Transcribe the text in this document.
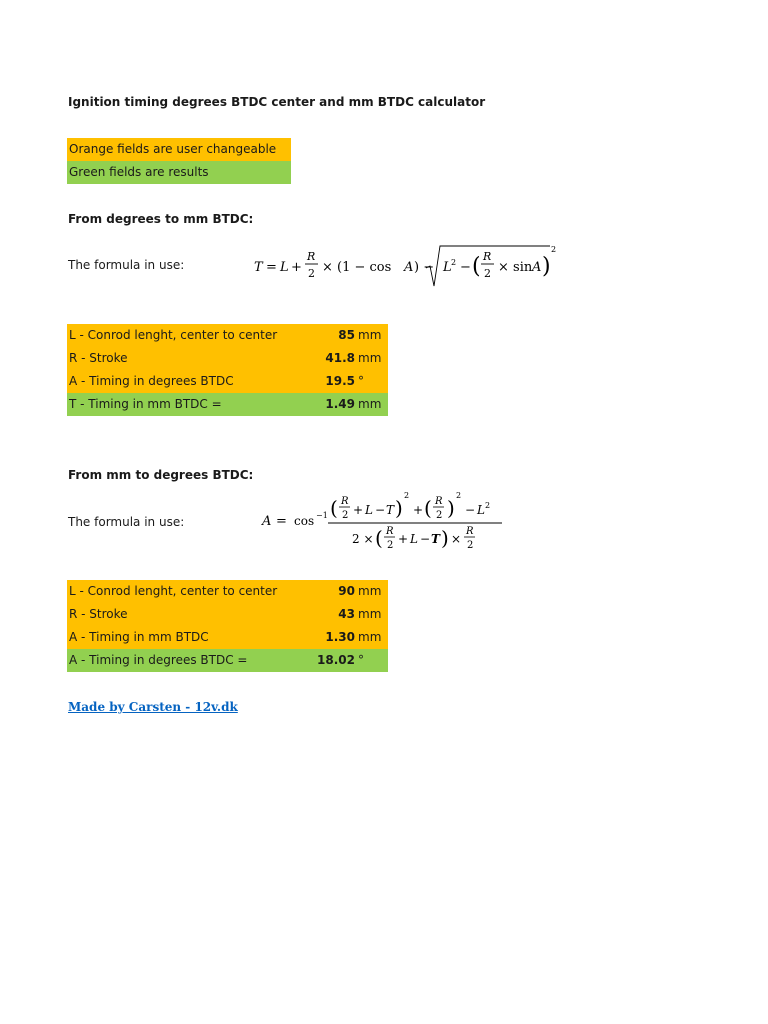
Ignition timing degrees BTDC center and mm BTDC calculator
Orange fields are user changeable
Green fields are results
From degrees to mm BTDC:
The formula in use:	T = L +
R
2 × (1 − cos A ) − L 2 − ( R
2 × sin A )
2
L - Conrod lenght, center to center	85 mm
R - Stroke	41.8 mm
A - Timing in degrees BTDC	19.5 °
T - Timing in mm BTDC =	1.49 mm
From mm to degrees BTDC:
The formula in use:	A = cos −1 ( R
2 + L − T )
2
+ ( R
2 )
2
− L 2
2 × ( R
2 + L − T ) ×
R
2
L - Conrod lenght, center to center	90 mm
R - Stroke	43 mm
A - Timing in mm BTDC	1.30 mm
A - Timing in degrees BTDC =	18.02 °
Made by Carsten - 12v.dk
